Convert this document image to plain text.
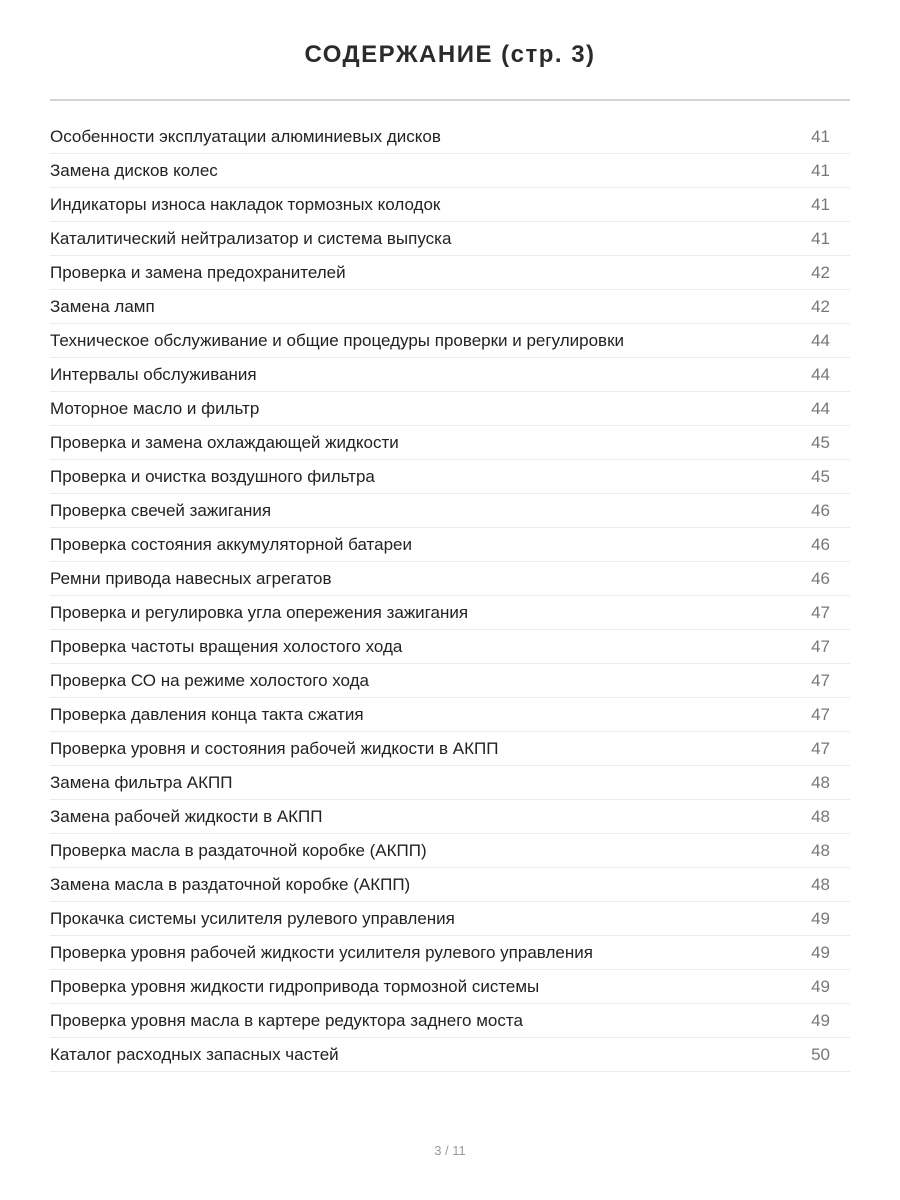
СОДЕРЖАНИЕ (стр. 3)
Особенности эксплуатации алюминиевых дисков	41
Замена дисков колес	41
Индикаторы износа накладок тормозных колодок	41
Каталитический нейтрализатор и система выпуска	41
Проверка и замена предохранителей	42
Замена ламп	42
Техническое обслуживание и общие процедуры проверки и регулировки	44
Интервалы обслуживания	44
Моторное масло и фильтр	44
Проверка и замена охлаждающей жидкости	45
Проверка и очистка воздушного фильтра	45
Проверка свечей зажигания	46
Проверка состояния аккумуляторной батареи	46
Ремни привода навесных агрегатов	46
Проверка и регулировка угла опережения зажигания	47
Проверка частоты вращения холостого хода	47
Проверка СО на режиме холостого хода	47
Проверка давления конца такта сжатия	47
Проверка уровня и состояния рабочей жидкости в АКПП	47
Замена фильтра АКПП	48
Замена рабочей жидкости в АКПП	48
Проверка масла в раздаточной коробке (АКПП)	48
Замена масла в раздаточной коробке (АКПП)	48
Прокачка системы усилителя рулевого управления	49
Проверка уровня рабочей жидкости усилителя рулевого управления	49
Проверка уровня жидкости гидропривода тормозной системы	49
Проверка уровня масла в картере редуктора заднего моста	49
Каталог расходных запасных частей	50
3 / 11
